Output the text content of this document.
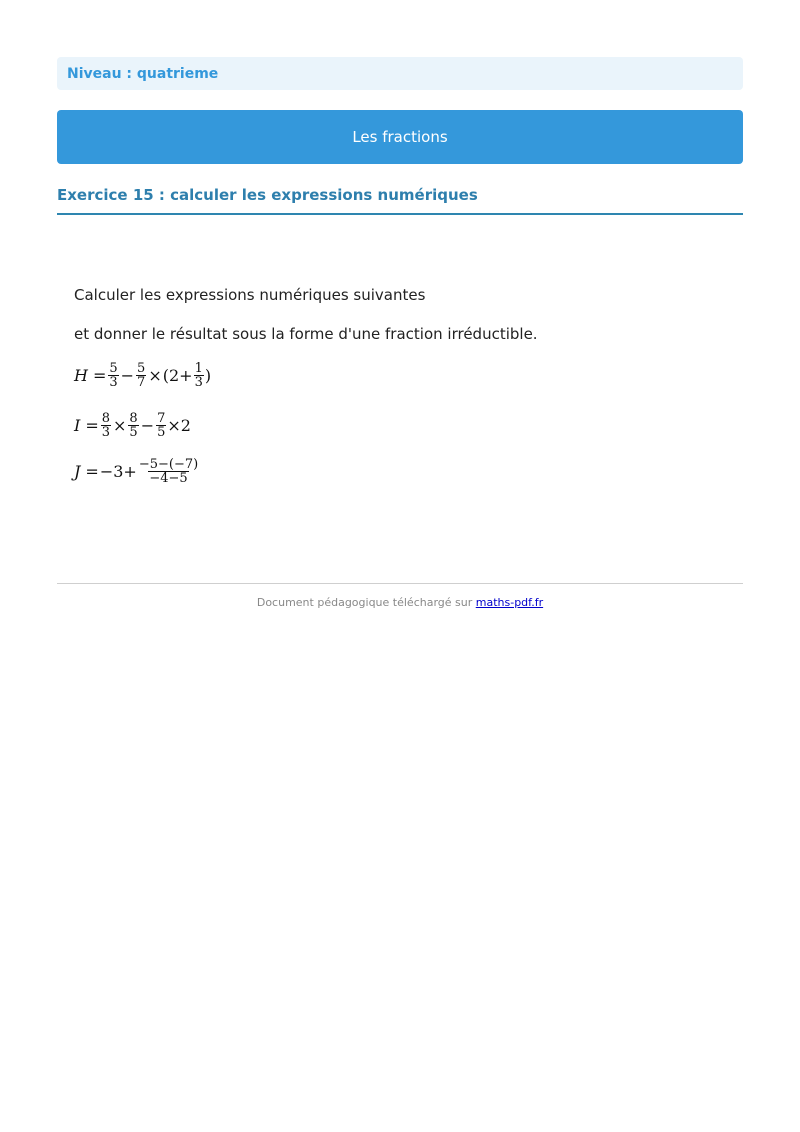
Niveau : quatrieme
Les fractions
Exercice 15 : calculer les expressions numériques
Calculer les expressions numériques suivantes
et donner le résultat sous la forme d'une fraction irréductible.
$H = \frac{5}{3} - \frac{5}{7} \times (2+ \frac{1}{3}$ )
$I = \frac{8}{3} \times \frac{8}{5} - \frac{7}{5} \times 2$
$J = -3+ \frac{-5-(-7)}{-4-5}$
Document pédagogique téléchargé sur maths-pdf.fr
